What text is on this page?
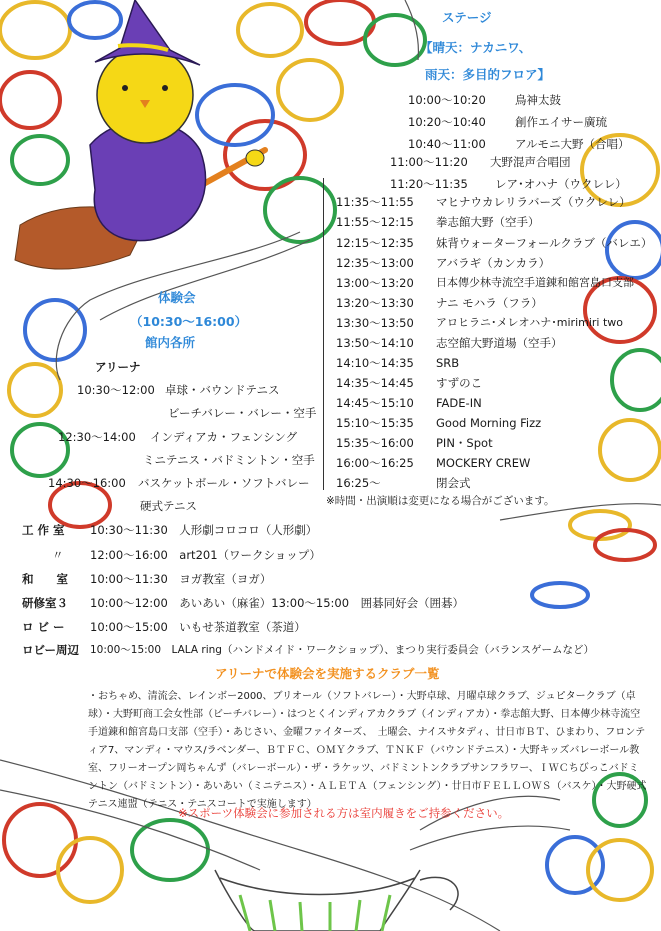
ステージ
【晴天：ナカニワ、
雨天：多目的フロア】
10:00〜10:20	鳥神太鼓
10:20〜10:40	創作エイサー廣琉
10:40〜11:00	アルモニ大野（合唱）
11:00〜11:20 大野混声合唱団
11:20〜11:35 レア･オハナ（ウクレレ）
11:35〜11:55 マヒナウカレリラバーズ（ウクレレ）
11:55〜12:15 拳志館大野（空手）
12:15〜12:35 妹背ウォーターフォールクラブ（バレエ）
12:35〜13:00 アバラギ（カンカラ）
13:00〜13:20 日本傳少林寺流空手道錬和館宮島口支部
13:20〜13:30 ナニ モハラ（フラ）
13:30〜13:50 アロヒラニ･メレオハナ･mirimiri two
13:50〜14:10 志空館大野道場（空手）
14:10〜14:35 SRB
14:35〜14:45 すずのこ
14:45〜15:10 FADE-IN
15:10〜15:35 Good Morning Fizz
15:35〜16:00 PIN・Spot
16:00〜16:25 MOCKERY CREW
16:25〜	閉会式
※時間・出演順は変更になる場合がございます。
体験会
（10:30〜16:00）
館内各所
アリーナ
10:30〜12:00 卓球・バウンドテニス
ビーチバレー・バレー・空手
12:30〜14:00 インディアカ・フェンシング
ミニテニス・バドミントン・空手
14:30〜16:00 バスケットボール・ソフトバレー
硬式テニス
工 作 室 10:30〜11:30　人形劇コロコロ（人形劇）
〃 12:00〜16:00　art201（ワークショップ）
和　　室 10:00〜11:30　ヨガ教室（ヨガ）
研修室３ 10:00〜12:00　あいあい（麻雀）13:00〜15:00　囲碁同好会（囲碁）
ロ ビ ー 10:00〜15:00　いもせ茶道教室（茶道）
ロビー周辺 10:00〜15:00　LALA ring（ハンドメイド・ワークショップ）、まつり実行委員会（バランスゲームなど）
アリーナで体験会を実施するクラブ一覧
・おちゃめ、清流会、レインボー2000、ブリオール（ソフトバレー）・大野卓球、月曜卓球クラブ、ジュピタークラブ（卓球）・大野町商工会女性部（ビーチバレー）・はつとくインディアカクラブ（インディアカ）・拳志館大野、日本傳少林寺流空手道錬和館宮島口支部（空手）・あじさい、金曜ファイターズ、　土曜会、ナイスサタディ、廿日市ＢＴ、ひまわり、フロンティア7、マンディ・マウス/ラベンダー、ＢＴＦＣ、ＯＭＹクラブ、ＴＮＫＦ（バウンドテニス）・大野キッズバレーボール教室、フリーオープン岡ちゃんず（バレーボール）・ザ・ラケッツ、バドミントンクラブサンフラワー、ＩＷＣちびっこバドミントン（バドミントン）・あいあい（ミニテニス）・ＡＬＥＴＡ（フェンシング）・廿日市ＦＥＬＬＯＷＳ（バスケ）・大野硬式テニス連盟（テニス・テニスコートで実施します）
※スポーツ体験会に参加される方は室内履きをご持参ください。
